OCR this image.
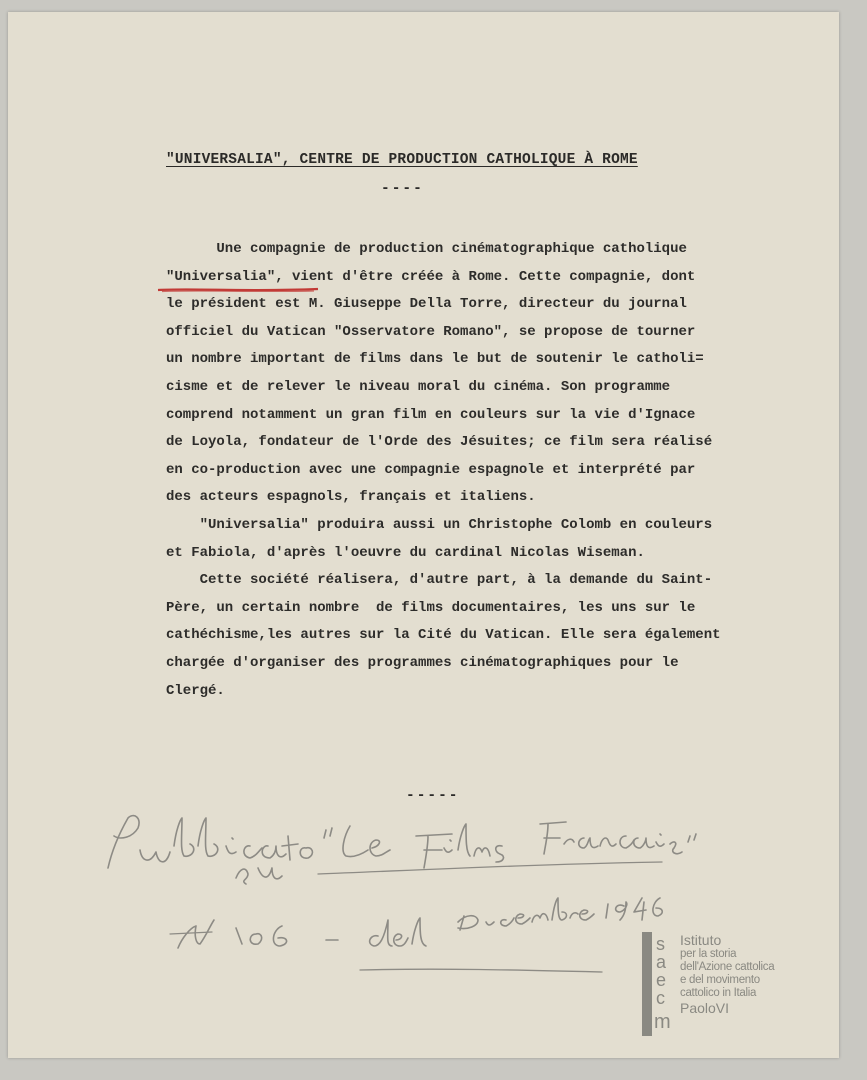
"UNIVERSALIA", CENTRE DE PRODUCTION CATHOLIQUE À ROME
----
Une compagnie de production cinématographique catholique
"Universalia", vient d'être créée à Rome. Cette compagnie, dont
le président est M. Giuseppe Della Torre, directeur du journal
officiel du Vatican "Osservatore Romano", se propose de tourner
un nombre important de films dans le but de soutenir le catholi=
cisme et de relever le niveau moral du cinéma. Son programme
comprend notamment un gran film en couleurs sur la vie d'Ignace
de Loyola, fondateur de l'Orde des Jésuites; ce film sera réalisé
en co-production avec une compagnie espagnole et interprété par
des acteurs espagnols, français et italiens.
"Universalia" produira aussi un Christophe Colomb en couleurs
et Fabiola, d'après l'oeuvre du cardinal Nicolas Wiseman.
Cette société réalisera, d'autre part, à la demande du Saint-
Père, un certain nombre  de films documentaires, les uns sur le
cathéchisme,les autres sur la Cité du Vatican. Elle sera également
chargée d'organiser des programmes cinématographiques pour le
Clergé.
-----
s
a
e
c
m
Istituto
per la storia
dell'Azione cattolica
e del movimento
cattolico in Italia
PaoloVI
